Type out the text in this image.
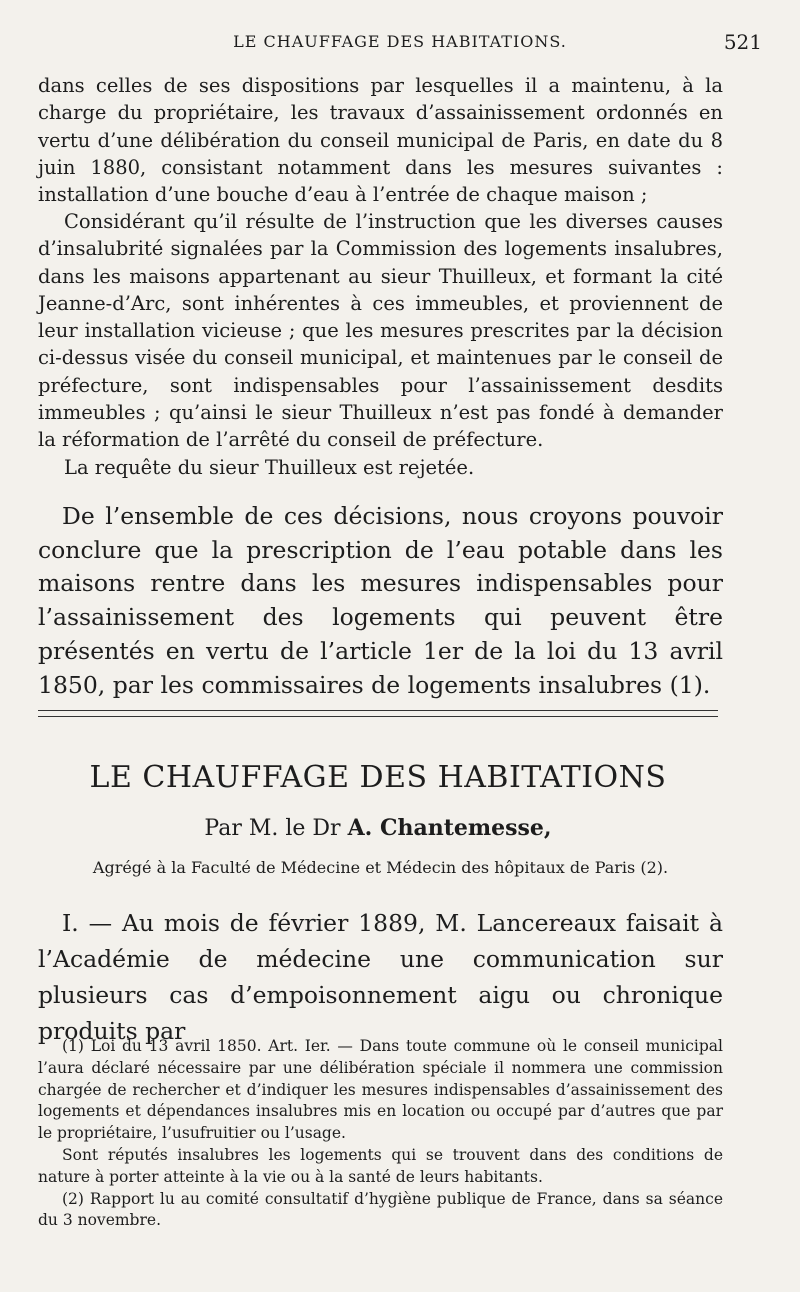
LE CHAUFFAGE DES HABITATIONS.	521

dans celles de ses dispositions par lesquelles il a maintenu, à la charge du propriétaire, les travaux d’assainissement ordonnés en vertu d’une délibération du conseil municipal de Paris, en date du 8 juin 1880, consistant notamment dans les mesures suivantes : installation d’une bouche d’eau à l’entrée de chaque maison ;

Considérant qu’il résulte de l’instruction que les diverses causes d’insalubrité signalées par la Commission des logements insalubres, dans les maisons appartenant au sieur Thuilleux, et formant la cité Jeanne-d’Arc, sont inhérentes à ces immeubles, et proviennent de leur installation vicieuse ; que les mesures prescrites par la décision ci-dessus visée du conseil municipal, et maintenues par le conseil de préfecture, sont indispensables pour l’assainissement desdits immeubles ; qu’ainsi le sieur Thuilleux n’est pas fondé à demander la réformation de l’arrêté du conseil de préfecture.

La requête du sieur Thuilleux est rejetée.

De l’ensemble de ces décisions, nous croyons pouvoir conclure que la prescription de l’eau potable dans les maisons rentre dans les mesures indispensables pour l’assainissement des logements qui peuvent être présentés en vertu de l’article 1er de la loi du 13 avril 1850, par les commissaires de logements insalubres (1).

LE CHAUFFAGE DES HABITATIONS
Par M. le Dr A. Chantemesse,
Agrégé à la Faculté de Médecine et Médecin des hôpitaux de Paris (2).

I. — Au mois de février 1889, M. Lancereaux faisait à l’Académie de médecine une communication sur plusieurs cas d’empoisonnement aigu ou chronique produits par

(1) Loi du 13 avril 1850. Art. Ier. — Dans toute commune où le conseil municipal l’aura déclaré nécessaire par une délibération spéciale il nommera une commission chargée de rechercher et d’indiquer les mesures indispensables d’assainissement des logements et dépendances insalubres mis en location ou occupé par d’autres que par le propriétaire, l’usufruitier ou l’usage.

Sont réputés insalubres les logements qui se trouvent dans des conditions de nature à porter atteinte à la vie ou à la santé de leurs habitants.

(2) Rapport lu au comité consultatif d’hygiène publique de France, dans sa séance du 3 novembre.
